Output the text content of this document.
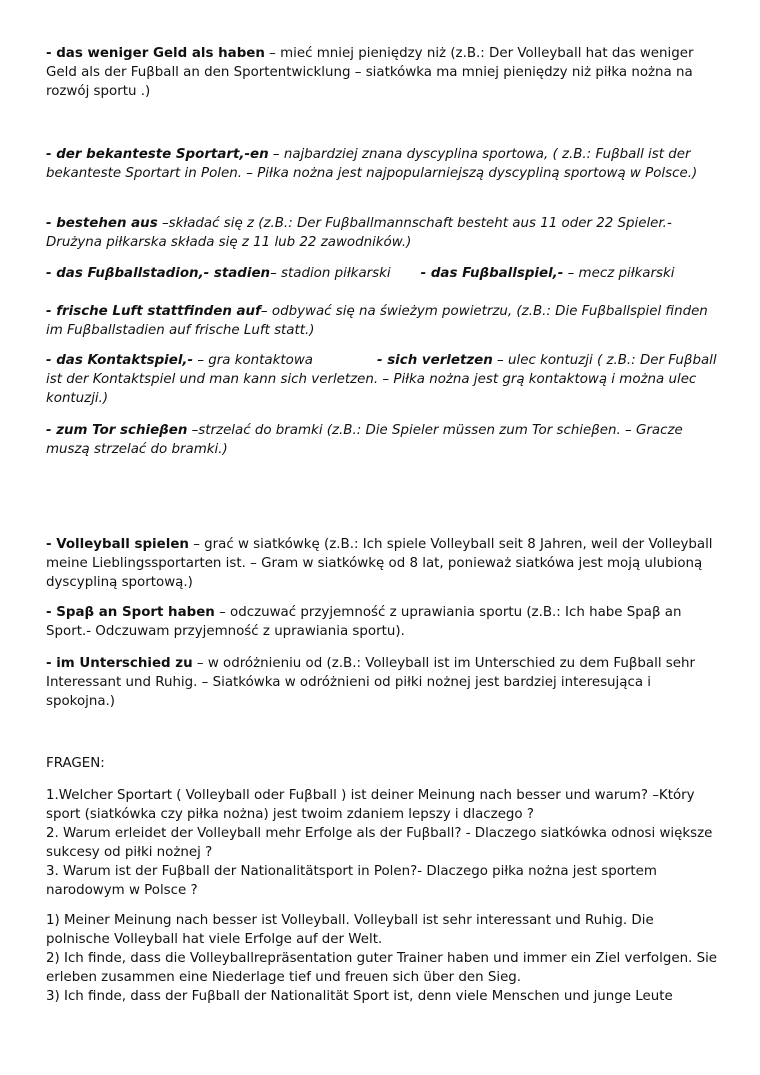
- das weniger Geld als haben – mieć mniej pieniędzy niż (z.B.: Der Volleyball hat das weniger Geld als der Fuβball an den Sportentwicklung – siatkówka ma mniej pieniędzy niż piłka nożna na rozwój sportu .)

- der bekanteste Sportart,-en – najbardziej znana dyscyplina sportowa, ( z.B.: Fuβball ist der bekanteste Sportart in Polen. – Piłka nożna jest najpopularniejszą dyscypliną sportową w Polsce.)

- bestehen aus –składać się z (z.B.: Der Fuβballmannschaft besteht aus 11 oder 22 Spieler.- Drużyna piłkarska składa się z 11 lub 22 zawodników.)

- das Fuβballstadion,- stadien– stadion piłkarski - das Fuβballspiel,- – mecz piłkarski

- frische Luft stattfinden auf– odbywać się na świeżym powietrzu, (z.B.: Die Fuβballspiel finden im Fuβballstadien auf frische Luft statt.)

- das Kontaktspiel,- – gra kontaktowa	- sich verletzen – ulec kontuzji ( z.B.: Der Fuβball ist der Kontaktspiel und man kann sich verletzen. – Piłka nożna jest grą kontaktową i można ulec kontuzji.)

- zum Tor schieβen –strzelać do bramki (z.B.: Die Spieler müssen zum Tor schieβen. – Gracze muszą strzelać do bramki.)

- Volleyball spielen – grać w siatkówkę (z.B.: Ich spiele Volleyball seit 8 Jahren, weil der Volleyball meine Lieblingssportarten ist. – Gram w siatkówkę od 8 lat, ponieważ siatkówa jest moją ulubioną dyscypliną sportową.)

- Spaβ an Sport haben – odczuwać przyjemność z uprawiania sportu (z.B.: Ich habe Spaβ an Sport.- Odczuwam przyjemność z uprawiania sportu).

- im Unterschied zu – w odróżnieniu od (z.B.: Volleyball ist im Unterschied zu dem Fuβball sehr Interessant und Ruhig. – Siatkówka w odróżnieni od piłki nożnej jest bardziej interesująca i spokojna.)

FRAGEN:

1.Welcher Sportart ( Volleyball oder Fuβball ) ist deiner Meinung nach besser und warum? –Który sport (siatkówka czy piłka nożna) jest twoim zdaniem lepszy i dlaczego ?
2. Warum erleidet der Volleyball mehr Erfolge als der Fuβball? - Dlaczego siatkówka odnosi większe sukcesy od piłki nożnej ?
3. Warum ist der Fuβball der Nationalitätsport in Polen?- Dlaczego piłka nożna jest sportem narodowym w Polsce ?
1) Meiner Meinung nach besser ist Volleyball. Volleyball ist sehr interessant und Ruhig. Die polnische Volleyball hat viele Erfolge auf der Welt.
2) Ich finde, dass die Volleyballrepräsentation guter Trainer haben und immer ein Ziel verfolgen. Sie erleben zusammen eine Niederlage tief und freuen sich über den Sieg.
3) Ich finde, dass der Fuβball der Nationalität Sport ist, denn viele Menschen und junge Leute
